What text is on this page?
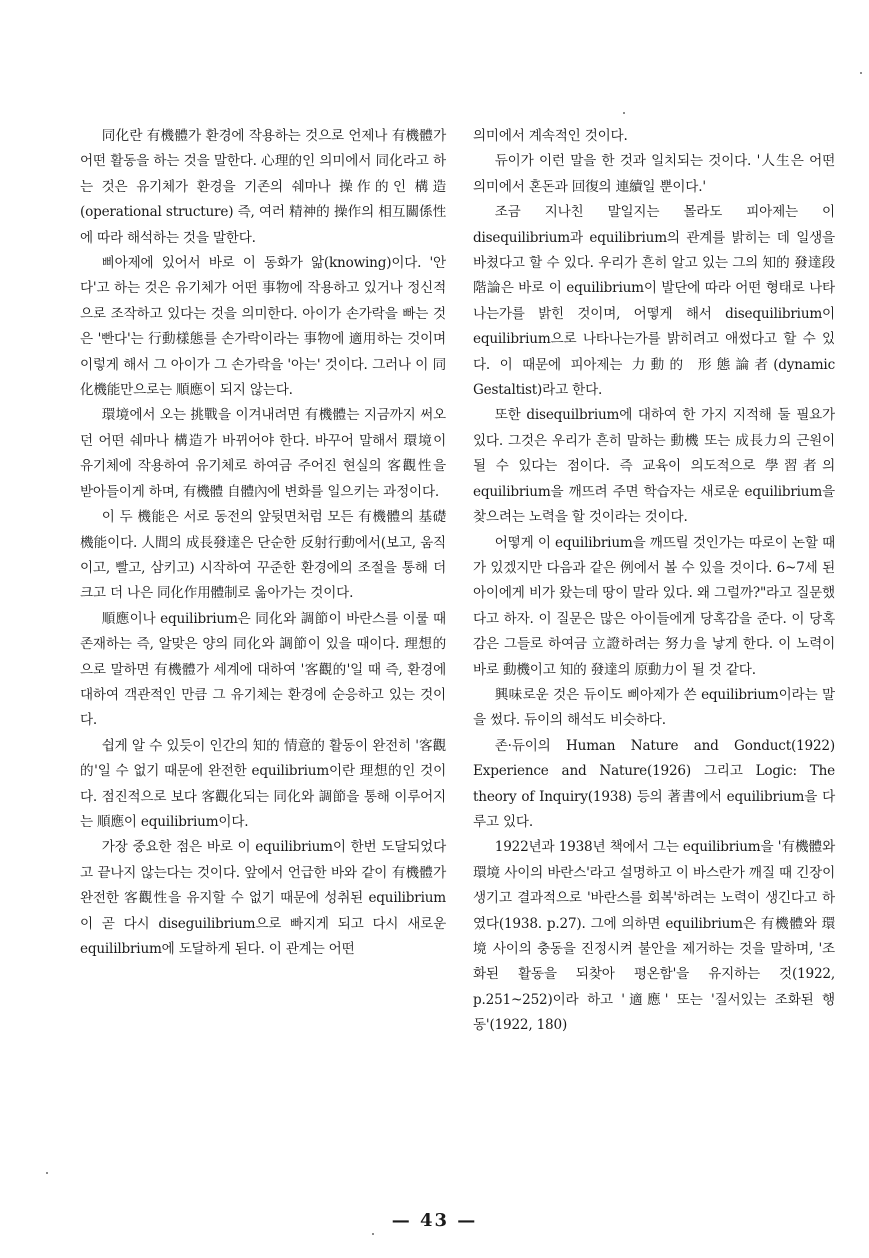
同化란 有機體가 환경에 작용하는 것으로 언제나 有機體가 어떤 활동을 하는 것을 말한다. 心理的인 의미에서 同化라고 하는 것은 유기체가 환경을 기존의 쉐마나 操作的인 構造(operational structure) 즉, 여러 精神的 操作의 相互關係性에 따라 해석하는 것을 말한다.

삐아제에 있어서 바로 이 동화가 앎(knowing)이다. '안다'고 하는 것은 유기체가 어떤 事物에 작용하고 있거나 정신적으로 조작하고 있다는 것을 의미한다. 아이가 손가락을 빠는 것은 '빤다'는 行動樣態를 손가락이라는 事物에 適用하는 것이며 이렇게 해서 그 아이가 그 손가락을 '아는' 것이다. 그러나 이 同化機能만으로는 順應이 되지 않는다.

環境에서 오는 挑戰을 이겨내려면 有機體는 지금까지 써오던 어떤 쉐마나 構造가 바뀌어야 한다. 바꾸어 말해서 環境이 유기체에 작용하여 유기체로 하여금 주어진 현실의 客觀性을 받아들이게 하며, 有機體 自體內에 변화를 일으키는 과정이다.

이 두 機能은 서로 동전의 앞뒷면처럼 모든 有機體의 基礎機能이다. 人間의 成長發達은 단순한 反射行動에서(보고, 움직이고, 빨고, 삼키고) 시작하여 꾸준한 환경에의 조절을 통해 더 크고 더 나은 同化作用體制로 옮아가는 것이다.

順應이나 equilibrium은 同化와 調節이 바란스를 이룰 때 존재하는 즉, 알맞은 양의 同化와 調節이 있을 때이다. 理想的으로 말하면 有機體가 세계에 대하여 '客觀的'일 때 즉, 환경에 대하여 객관적인 만큼 그 유기체는 환경에 순응하고 있는 것이다.

쉽게 알 수 있듯이 인간의 知的 情意的 활동이 완전히 '客觀的'일 수 없기 때문에 완전한 equilibrium이란 理想的인 것이다. 점진적으로 보다 客觀化되는 同化와 調節을 통해 이루어지는 順應이 equilibrium이다.

가장 중요한 점은 바로 이 equilibrium이 한번 도달되었다고 끝나지 않는다는 것이다. 앞에서 언급한 바와 같이 有機體가 완전한 客觀性을 유지할 수 없기 때문에 성취된 equilibrium이 곧 다시 diseguilibrium으로 빠지게 되고 다시 새로운 equililbrium에 도달하게 된다. 이 관계는 어떤

의미에서 계속적인 것이다.

듀이가 이런 말을 한 것과 일치되는 것이다. '人生은 어떤 의미에서 혼돈과 回復의 連續일 뿐이다.'

조금 지나친 말일지는 몰라도 피아제는 이 disequilibrium과 equilibrium의 관계를 밝히는 데 일생을 바쳤다고 할 수 있다. 우리가 흔히 알고 있는 그의 知的 發達段階論은 바로 이 equilibrium이 발단에 따라 어떤 형태로 나타나는가를 밝힌 것이며, 어떻게 해서 disequilibrium이 equilibrium으로 나타나는가를 밝히려고 애썼다고 할 수 있다. 이 때문에 피아제는 力動的 形態論者(dynamic Gestaltist)라고 한다.

또한 disequilbrium에 대하여 한 가지 지적해 둘 필요가 있다. 그것은 우리가 흔히 말하는 動機 또는 成長力의 근원이 될 수 있다는 점이다. 즉 교육이 의도적으로 學習者의 equilibrium을 깨뜨려 주면 학습자는 새로운 equilibrium을 찾으려는 노력을 할 것이라는 것이다.

어떻게 이 equilibrium을 깨뜨릴 것인가는 따로이 논할 때가 있겠지만 다음과 같은 例에서 볼 수 있을 것이다. 6~7세 된 아이에게 비가 왔는데 땅이 말라 있다. 왜 그럴까?"라고 질문했다고 하자. 이 질문은 많은 아이들에게 당혹감을 준다. 이 당혹감은 그들로 하여금 立證하려는 努力을 낳게 한다. 이 노력이 바로 動機이고 知的 發達의 原動力이 될 것 같다.

興味로운 것은 듀이도 삐아제가 쓴 equilibrium이라는 말을 썼다. 듀이의 해석도 비슷하다.

존·듀이의 Human Nature and Gonduct(1922) Experience and Nature(1926) 그리고 Logic: The theory of Inquiry(1938) 등의 著書에서 equilibrium을 다루고 있다.

1922년과 1938년 책에서 그는 equilibrium을 '有機體와 環境 사이의 바란스'라고 설명하고 이 바스란가 깨질 때 긴장이 생기고 결과적으로 '바란스를 회복'하려는 노력이 생긴다고 하였다(1938. p.27). 그에 의하면 equilibrium은 有機體와 環境 사이의 충동을 진정시켜 불안을 제거하는 것을 말하며, '조화된 활동을 되찾아 평온함'을 유지하는 것(1922, p.251~252)이라 하고 '適應' 또는 '질서있는 조화된 행동'(1922, 180)

— 43 —
